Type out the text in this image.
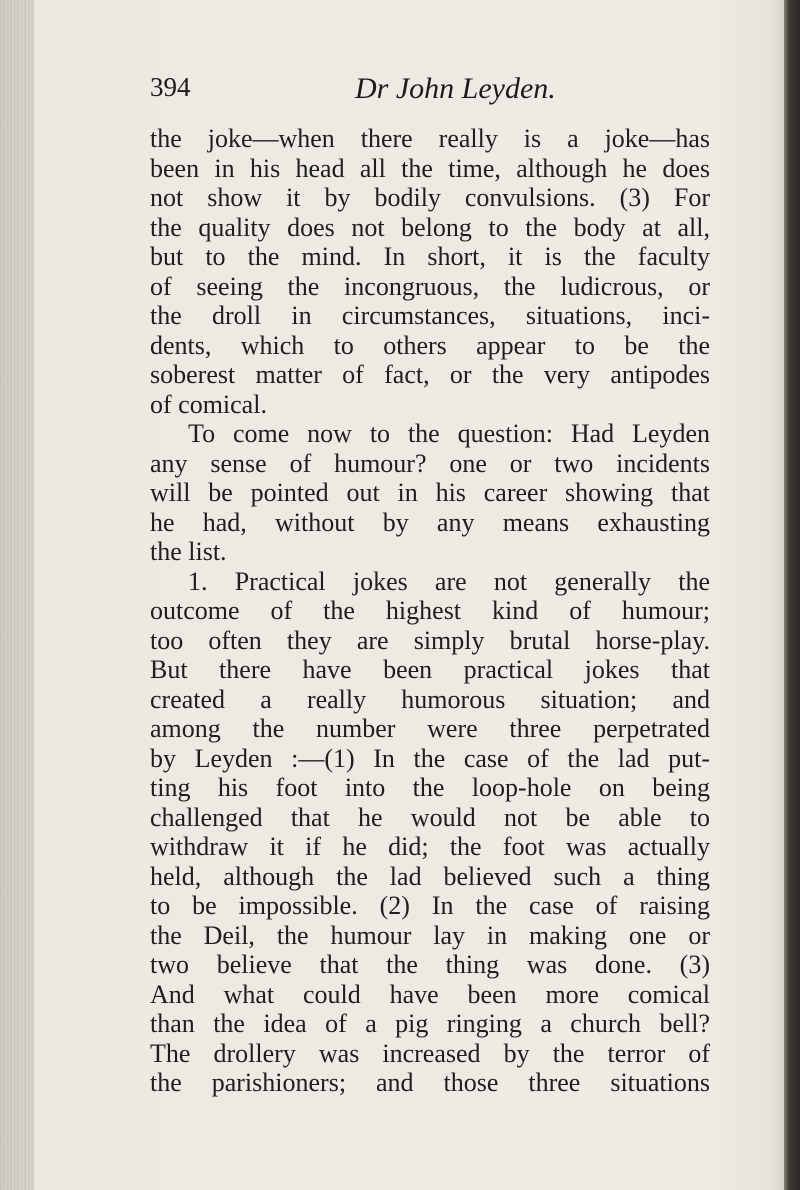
394	Dr John Leyden.
the joke—when there really is a joke—has
been in his head all the time, although he does
not show it by bodily convulsions. (3) For
the quality does not belong to the body at all,
but to the mind. In short, it is the faculty
of seeing the incongruous, the ludicrous, or
the droll in circumstances, situations, inci-
dents, which to others appear to be the
soberest matter of fact, or the very antipodes
of comical.
To come now to the question: Had Leyden
any sense of humour? one or two incidents
will be pointed out in his career showing that
he had, without by any means exhausting
the list.
1. Practical jokes are not generally the
outcome of the highest kind of humour;
too often they are simply brutal horse-play.
But there have been practical jokes that
created a really humorous situation; and
among the number were three perpetrated
by Leyden :—(1) In the case of the lad put-
ting his foot into the loop-hole on being
challenged that he would not be able to
withdraw it if he did; the foot was actually
held, although the lad believed such a thing
to be impossible. (2) In the case of raising
the Deil, the humour lay in making one or
two believe that the thing was done. (3)
And what could have been more comical
than the idea of a pig ringing a church bell?
The drollery was increased by the terror of
the parishioners; and those three situations
